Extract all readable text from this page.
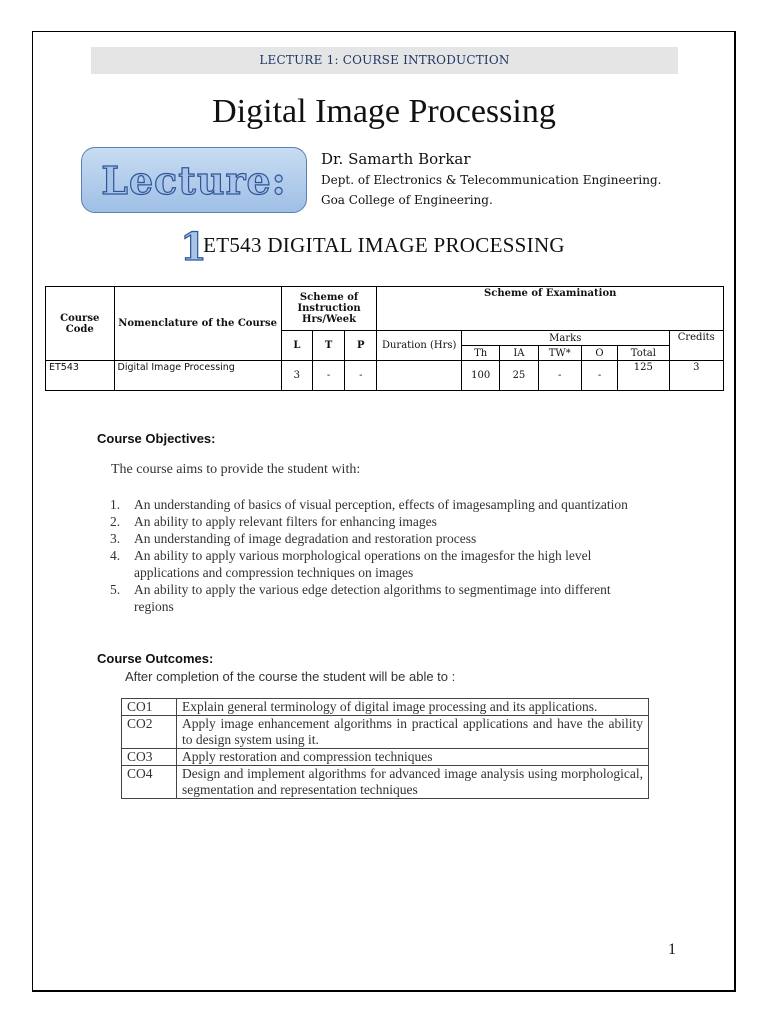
LECTURE 1: COURSE INTRODUCTION
Digital Image Processing
Lecture: 1
Dr. Samarth Borkar
Dept. of Electronics & Telecommunication Engineering.
Goa College of Engineering.
ET543 DIGITAL IMAGE PROCESSING
Course Code	Nomenclature of the Course	Scheme of Instruction Hrs/Week			Scheme of Examination						
		L	T	P	Duration (Hrs)	Marks					Credits
						Th	IA	TW*	O	Total	
ET543	Digital Image Processing	3	-	-		100	25	-	-	125	3
Course Objectives:
The course aims to provide the student with:
1. An understanding of basics of visual perception, effects of imagesampling and quantization
2. An ability to apply relevant filters for enhancing images
3. An understanding of image degradation and restoration process
4. An ability to apply various morphological operations on the imagesfor the high level applications and compression techniques on images
5. An ability to apply the various edge detection algorithms to segmentimage into different regions
Course Outcomes:
After completion of the course the student will be able to :
CO1	Explain general terminology of digital image processing and its applications.
CO2	Apply image enhancement algorithms in practical applications and have the ability to design system using it.
CO3	Apply restoration and compression techniques
CO4	Design and implement algorithms for advanced image analysis using morphological, segmentation and representation techniques
1
